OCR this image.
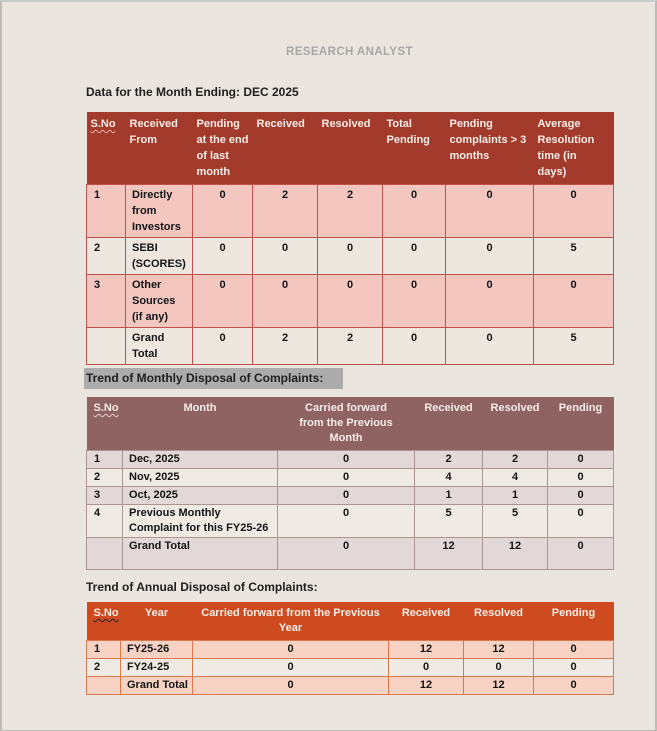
RESEARCH ANALYST
Data for the Month Ending: DEC 2025
S.No	Received From	Pending at the end of last month	Received	Resolved	Total Pending	Pending complaints > 3 months	Average Resolution time (in days)
1	Directly from Investors	0	2	2	0	0	0
2	SEBI (SCORES)	0	0	0	0	0	5
3	Other Sources (if any)	0	0	0	0	0	0
	Grand Total	0	2	2	0	0	5
Trend of Monthly Disposal of Complaints:
S.No	Month	Carried forward from the Previous Month	Received	Resolved	Pending
1	Dec, 2025	0	2	2	0
2	Nov, 2025	0	4	4	0
3	Oct, 2025	0	1	1	0
4	Previous Monthly Complaint for this FY25-26	0	5	5	0
	Grand Total	0	12	12	0
Trend of Annual Disposal of Complaints:
S.No	Year	Carried forward from the Previous Year	Received	Resolved	Pending
1	FY25-26	0	12	12	0
2	FY24-25	0	0	0	0
	Grand Total	0	12	12	0
